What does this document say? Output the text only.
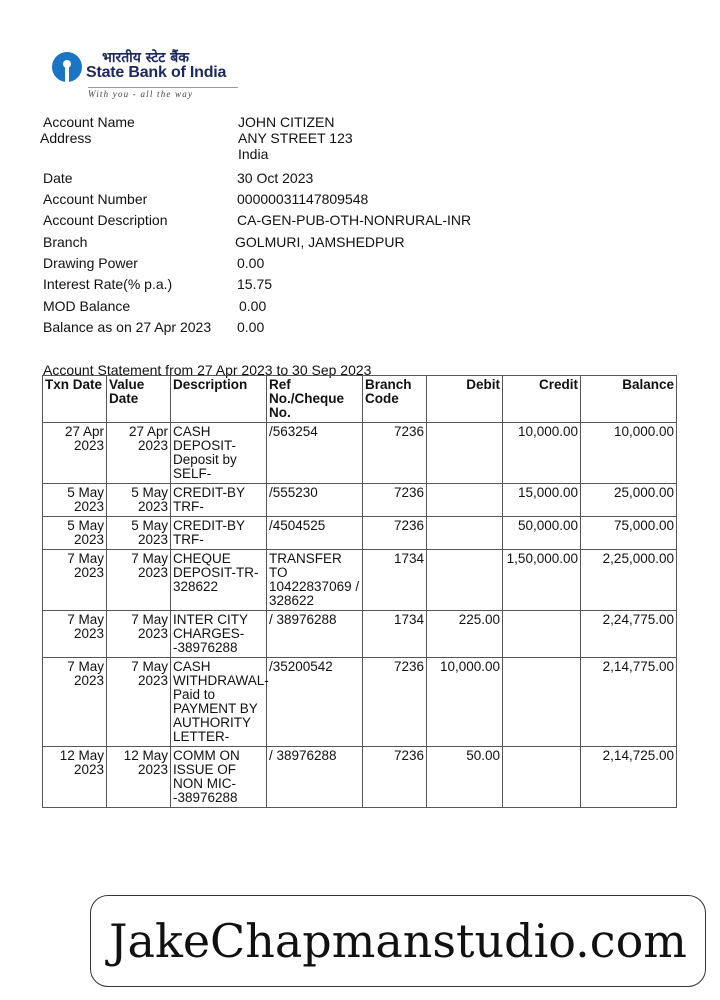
भारतीय स्टेट बैंक
State Bank of India
With you - all the way
Account Name	JOHN CITIZEN
Address	ANY STREET 123
India
Date	30 Oct 2023
Account Number	00000031147809548
Account Description	CA-GEN-PUB-OTH-NONRURAL-INR
Branch	GOLMURI, JAMSHEDPUR
Drawing Power	0.00
Interest Rate(% p.a.)	15.75
MOD Balance	0.00
Balance as on 27 Apr 2023 0.00
Account Statement from 27 Apr 2023 to 30 Sep 2023
Txn Date	Value Date	Description	Ref No./Cheque No.	Branch Code	Debit	Credit	Balance
27 Apr 2023	27 Apr 2023	CASH DEPOSIT-Deposit by SELF-	/563254	7236		10,000.00	10,000.00
5 May 2023	5 May 2023	CREDIT-BY TRF-	/555230	7236		15,000.00	25,000.00
5 May 2023	5 May 2023	CREDIT-BY TRF-	/4504525	7236		50,000.00	75,000.00
7 May 2023	7 May 2023	CHEQUE DEPOSIT-TR-328622	TRANSFER TO 10422837069 / 328622	1734		1,50,000.00	2,25,000.00
7 May 2023	7 May 2023	INTER CITY CHARGES--38976288	/ 38976288	1734	225.00		2,24,775.00
7 May 2023	7 May 2023	CASH WITHDRAWAL-Paid to PAYMENT BY AUTHORITY LETTER-	/35200542	7236	10,000.00		2,14,775.00
12 May 2023	12 May 2023	COMM ON ISSUE OF NON MIC--38976288	/ 38976288	7236	50.00		2,14,725.00
JakeChapmanstudio.com
